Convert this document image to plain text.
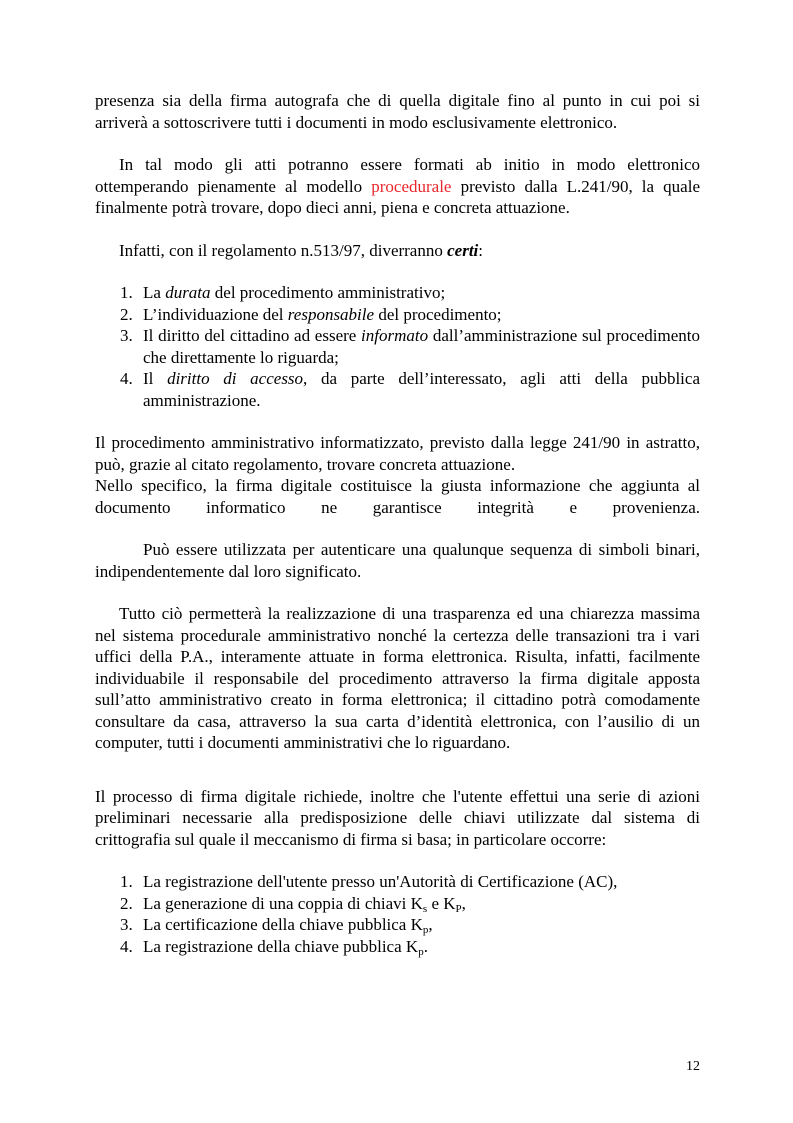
presenza sia della firma autografa che di quella digitale fino al punto in cui poi si arriverà a sottoscrivere tutti i documenti in modo esclusivamente elettronico.

In tal modo gli atti potranno essere formati ab initio in modo elettronico ottemperando pienamente al modello procedurale previsto dalla L.241/90, la quale finalmente potrà trovare, dopo dieci anni, piena e concreta attuazione.

Infatti, con il regolamento n.513/97, diverranno certi:

1. La durata del procedimento amministrativo;
2. L’individuazione del responsabile del procedimento;
3. Il diritto del cittadino ad essere informato dall’amministrazione sul procedimento che direttamente lo riguarda;
4. Il diritto di accesso, da parte dell’interessato, agli atti della pubblica amministrazione.

Il procedimento amministrativo informatizzato, previsto dalla legge 241/90 in astratto, può, grazie al citato regolamento, trovare concreta attuazione.

Nello specifico, la firma digitale costituisce la giusta informazione che aggiunta al documento informatico ne garantisce integrità e provenienza.

Può essere utilizzata per autenticare una qualunque sequenza di simboli binari, indipendentemente dal loro significato.

Tutto ciò permetterà la realizzazione di una trasparenza ed una chiarezza massima nel sistema procedurale amministrativo nonché la certezza delle transazioni tra i vari uffici della P.A., interamente attuate in forma elettronica. Risulta, infatti, facilmente individuabile il responsabile del procedimento attraverso la firma digitale apposta sull’atto amministrativo creato in forma elettronica; il cittadino potrà comodamente consultare da casa, attraverso la sua carta d’identità elettronica, con l’ausilio di un computer, tutti i documenti amministrativi che lo riguardano.

Il processo di firma digitale richiede, inoltre che l'utente effettui una serie di azioni preliminari necessarie alla predisposizione delle chiavi utilizzate dal sistema di crittografia sul quale il meccanismo di firma si basa; in particolare occorre:

1. La registrazione dell'utente presso un'Autorità di Certificazione (AC),
2. La generazione di una coppia di chiavi $K_s$ e $K_P$,
3. La certificazione della chiave pubblica $K_p$,
4. La registrazione della chiave pubblica $K_p$.
12
